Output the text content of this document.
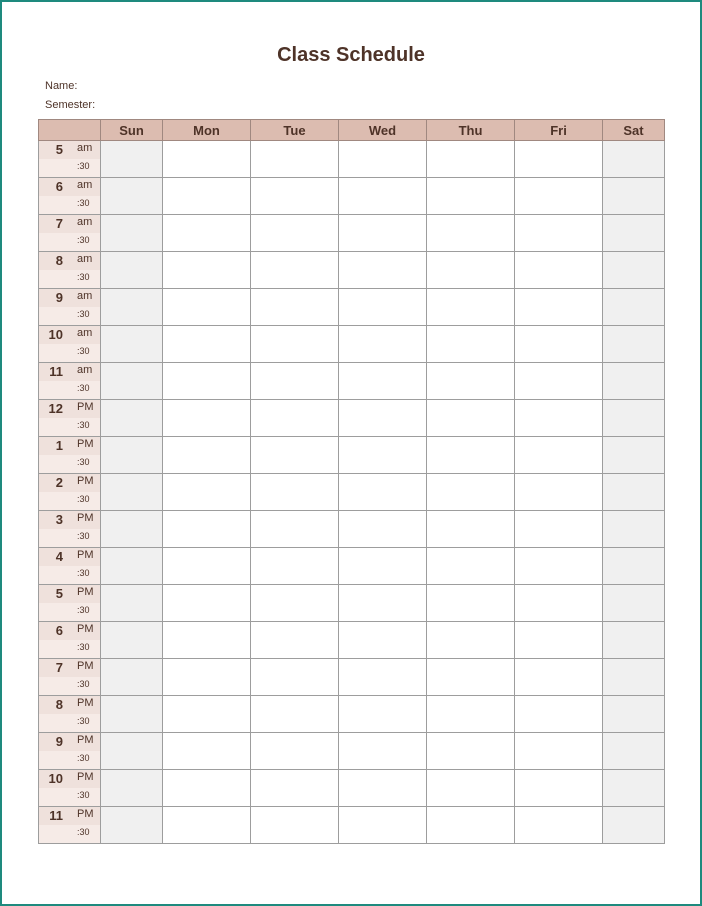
Class Schedule
Name:
Semester:
	Sun	Mon	Tue	Wed	Thu	Fri	Sat

5 am
:30							

6 am
:30							

7 am
:30							

8 am
:30							

9 am
:30							

10 am
:30							

11 am
:30							

12 PM
:30							

1 PM
:30							

2 PM
:30							

3 PM
:30							

4 PM
:30							

5 PM
:30							

6 PM
:30							

7 PM
:30							

8 PM
:30							

9 PM
:30							

10 PM
:30							

11 PM
:30							
